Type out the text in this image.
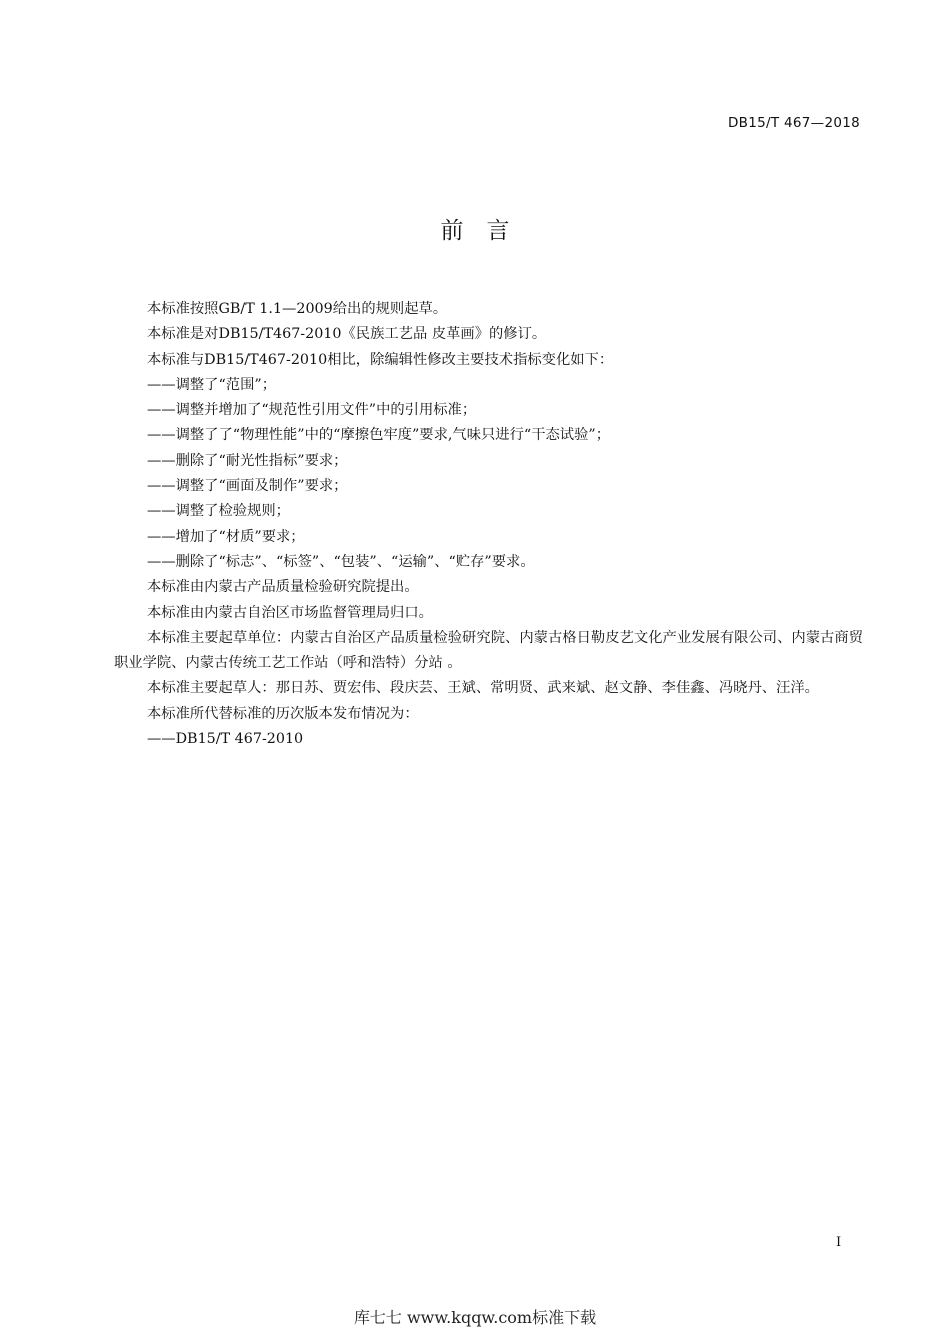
DB15/T 467—2018
前　言

本标准按照GB/T 1.1—2009给出的规则起草。

本标准是对DB15/T467-2010《民族工艺品 皮革画》的修订。

本标准与DB15/T467-2010相比，除编辑性修改主要技术指标变化如下：

——调整了“范围”；

——调整并增加了“规范性引用文件”中的引用标准；

——调整了了“物理性能”中的“摩擦色牢度”要求,气味只进行“干态试验”；

——删除了“耐光性指标”要求；

——调整了“画面及制作”要求；

——调整了检验规则；

——增加了“材质”要求；

——删除了“标志”、“标签”、“包装”、“运输”、“贮存”要求。

本标准由内蒙古产品质量检验研究院提出。

本标准由内蒙古自治区市场监督管理局归口。

本标准主要起草单位：内蒙古自治区产品质量检验研究院、内蒙古格日勒皮艺文化产业发展有限公司、内蒙古商贸职业学院、内蒙古传统工艺工作站（呼和浩特）分站 。

本标准主要起草人：那日苏、贾宏伟、段庆芸、王斌、常明贤、武来斌、赵文静、李佳鑫、冯晓丹、汪洋。

本标准所代替标准的历次版本发布情况为：

——DB15/T 467-2010

I
库七七 www.kqqw.com标准下载
